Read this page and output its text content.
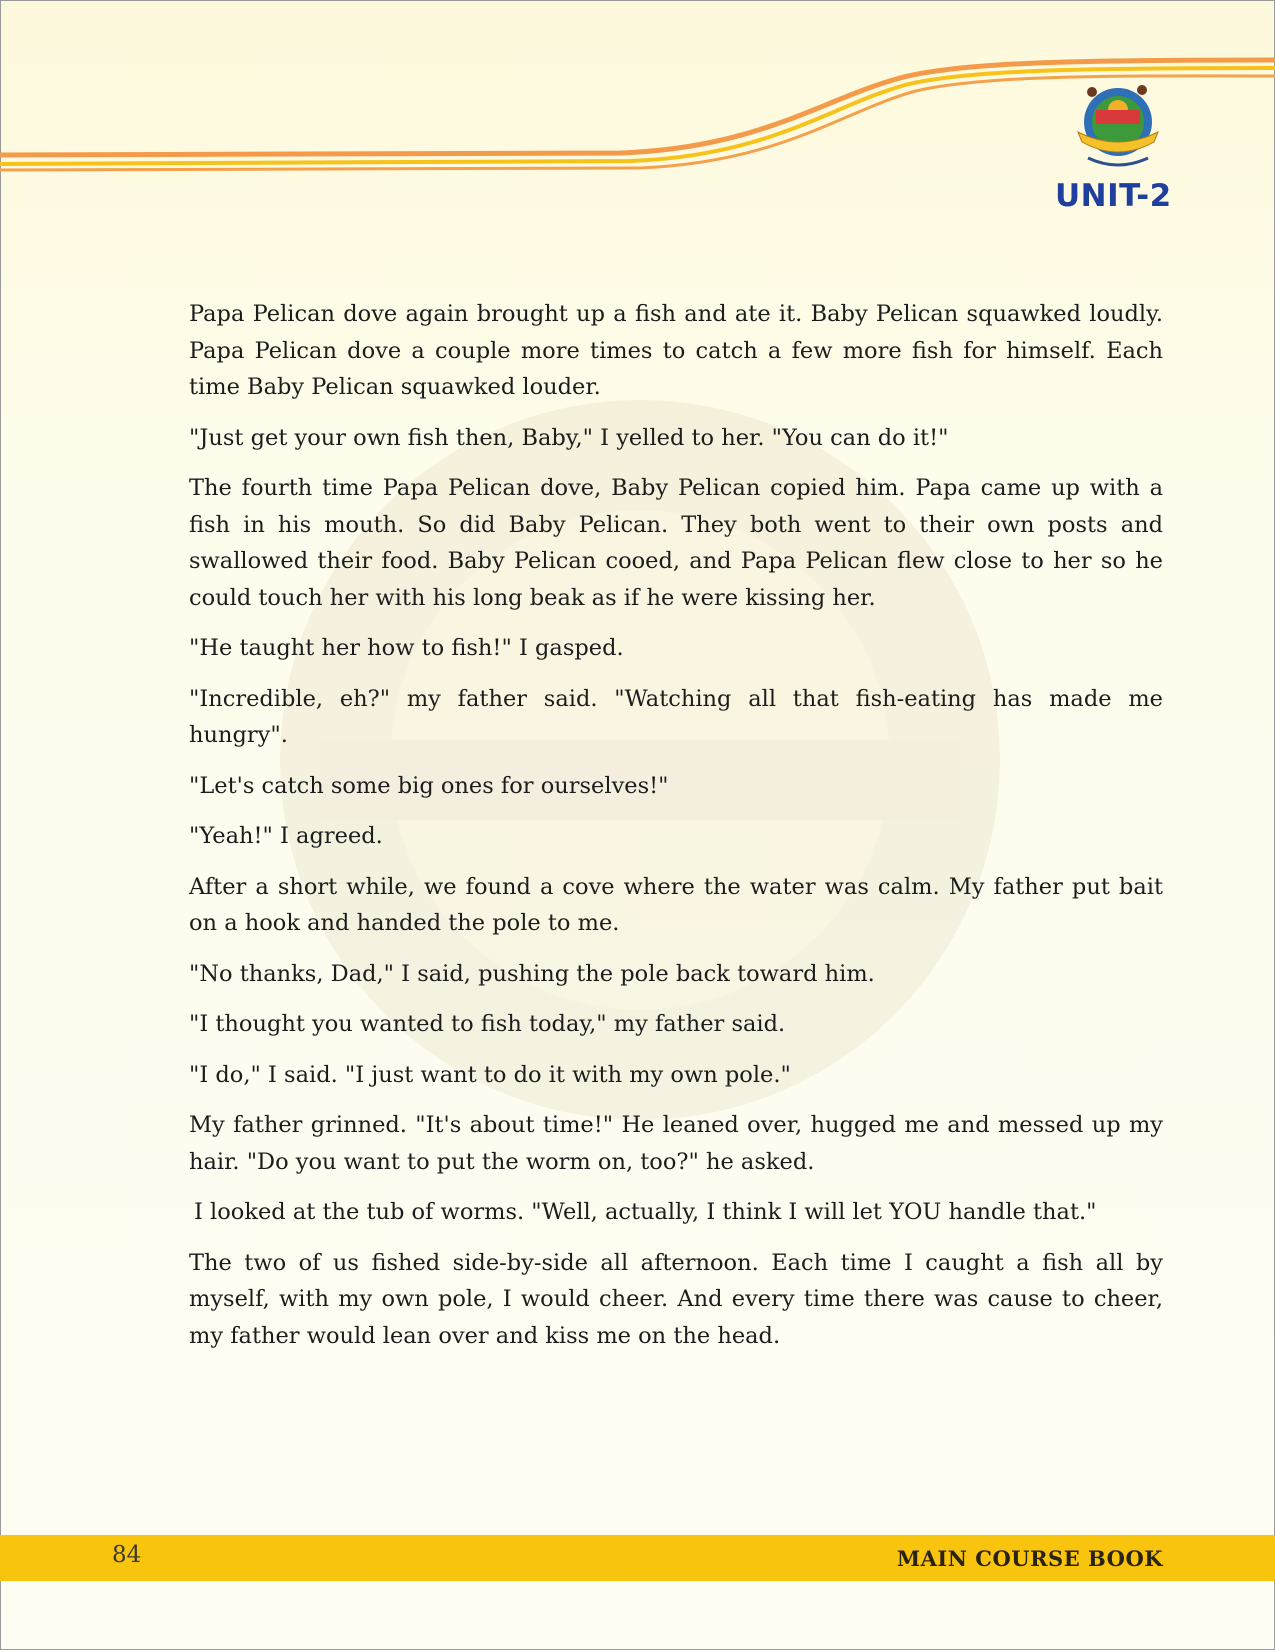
UNIT-2

Papa Pelican dove again brought up a fish and ate it. Baby Pelican squawked loudly. Papa Pelican dove a couple more times to catch a few more fish for himself. Each time Baby Pelican squawked louder.

"Just get your own fish then, Baby," I yelled to her. "You can do it!"

The fourth time Papa Pelican dove, Baby Pelican copied him. Papa came up with a fish in his mouth. So did Baby Pelican. They both went to their own posts and swallowed their food. Baby Pelican cooed, and Papa Pelican flew close to her so he could touch her with his long beak as if he were kissing her.

"He taught her how to fish!" I gasped.

"Incredible, eh?" my father said. "Watching all that fish-eating has made me hungry".

"Let's catch some big ones for ourselves!"

"Yeah!" I agreed.

After a short while, we found a cove where the water was calm. My father put bait on a hook and handed the pole to me.

"No thanks, Dad," I said, pushing the pole back toward him.

"I thought you wanted to fish today," my father said.

"I do," I said. "I just want to do it with my own pole."

My father grinned. "It's about time!" He leaned over, hugged me and messed up my hair. "Do you want to put the worm on, too?" he asked.

I looked at the tub of worms. "Well, actually, I think I will let YOU handle that."

The two of us fished side-by-side all afternoon. Each time I caught a fish all by myself, with my own pole, I would cheer. And every time there was cause to cheer, my father would lean over and kiss me on the head.

84	MAIN COURSE BOOK
